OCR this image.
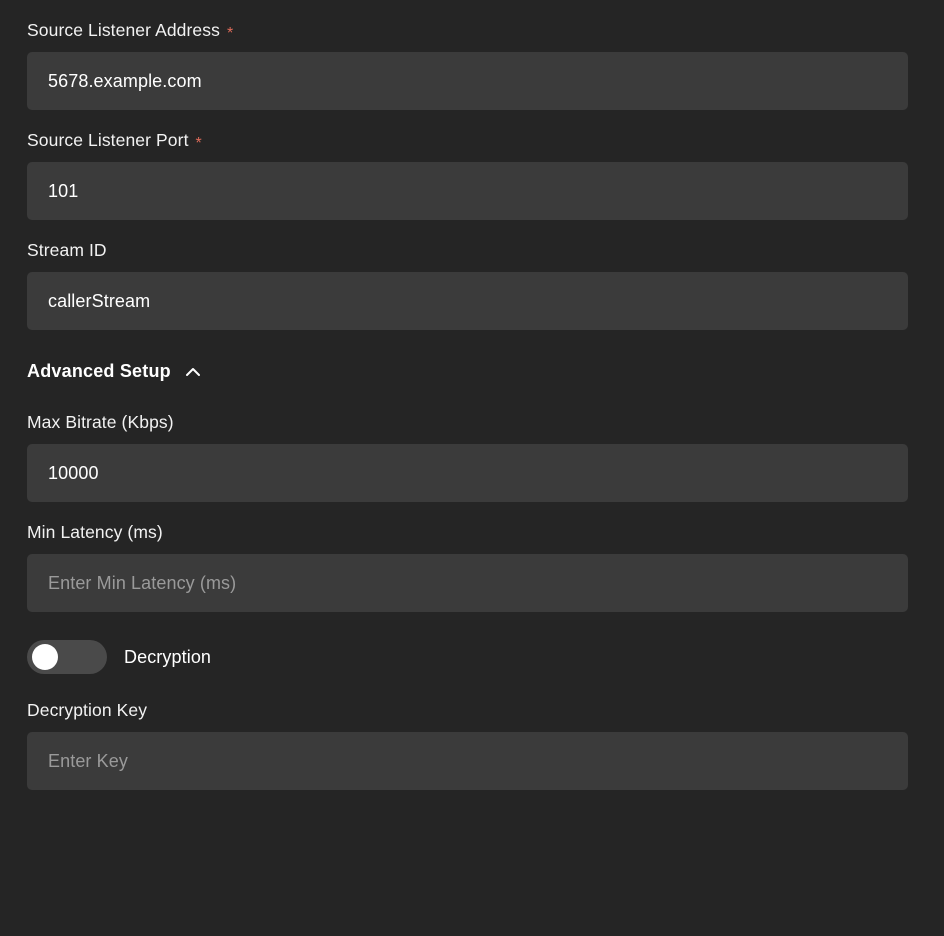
Source Listener Address *
5678.example.com
Source Listener Port *
101
Stream ID
callerStream
Advanced Setup
Max Bitrate (Kbps)
10000
Min Latency (ms)
Enter Min Latency (ms)
Decryption
Decryption Key
Enter Key
